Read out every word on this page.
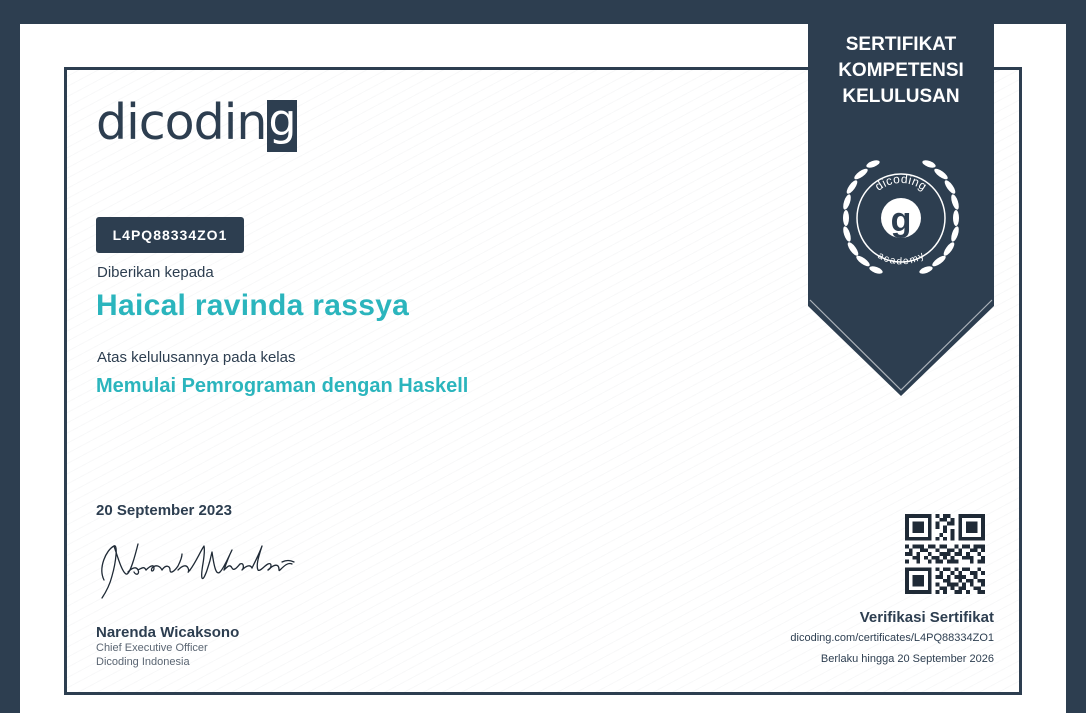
dicodin g
L4PQ88334ZO1
Diberikan kepada
Haical ravinda rassya
Atas kelulusannya pada kelas
Memulai Pemrograman dengan Haskell
20 September 2023
Narenda Wicaksono
Chief Executive Officer
Dicoding Indonesia
SERTIFIKAT
KOMPETENSI
KELULUSAN
g
dicoding
academy
Verifikasi Sertifikat
dicoding.com/certificates/L4PQ88334ZO1
Berlaku hingga 20 September 2026
